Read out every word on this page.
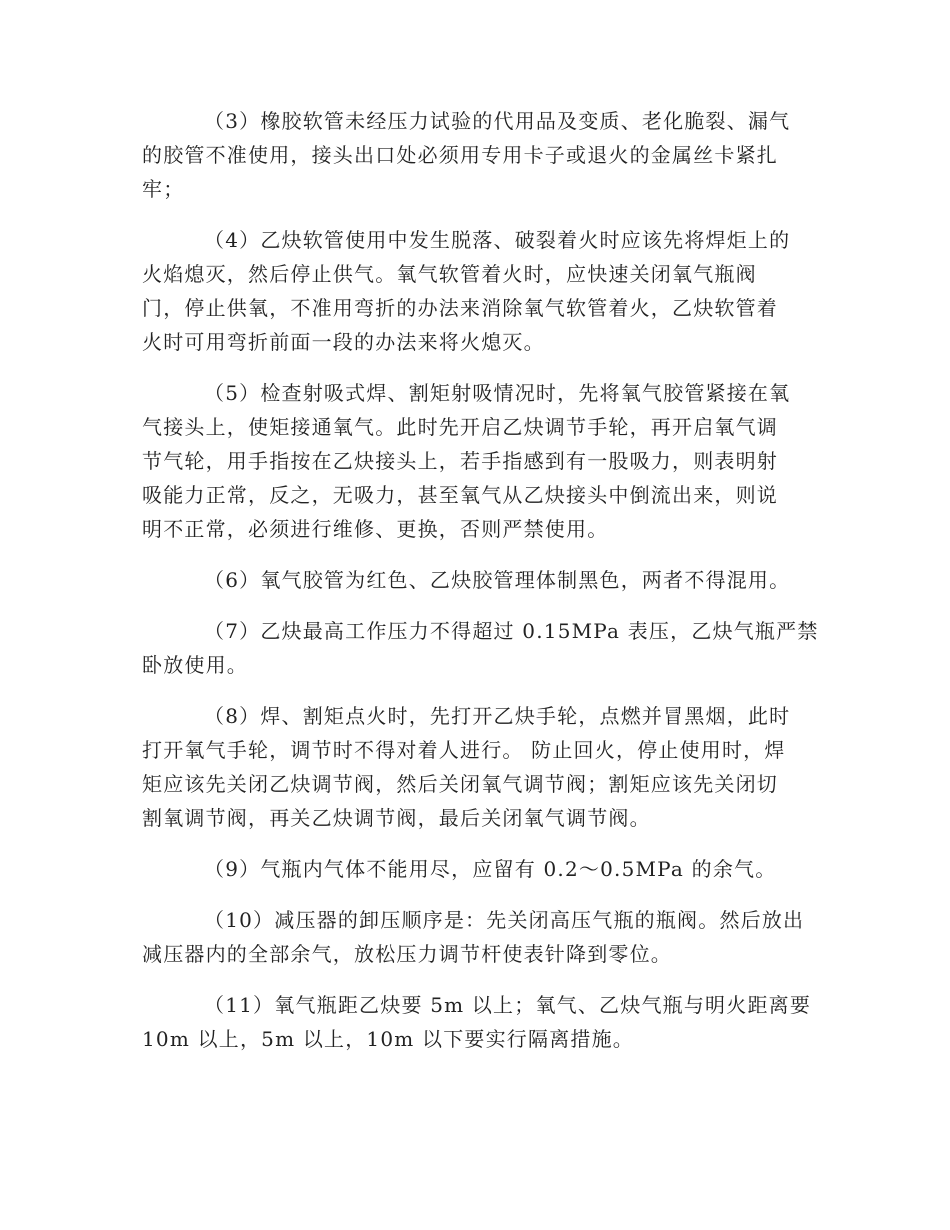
（3）橡胶软管未经压力试验的代用品及变质、老化脆裂、漏气
的胶管不准使用，接头出口处必须用专用卡子或退火的金属丝卡紧扎
牢；
（4）乙炔软管使用中发生脱落、破裂着火时应该先将焊炬上的
火焰熄灭，然后停止供气。氧气软管着火时，应快速关闭氧气瓶阀
门，停止供氧，不准用弯折的办法来消除氧气软管着火，乙炔软管着
火时可用弯折前面一段的办法来将火熄灭。
（5）检查射吸式焊、割矩射吸情况时，先将氧气胶管紧接在氧
气接头上，使矩接通氧气。此时先开启乙炔调节手轮，再开启氧气调
节气轮，用手指按在乙炔接头上，若手指感到有一股吸力，则表明射
吸能力正常，反之，无吸力，甚至氧气从乙炔接头中倒流出来，则说
明不正常，必须进行维修、更换，否则严禁使用。
（6）氧气胶管为红色、乙炔胶管理体制黑色，两者不得混用。
（7）乙炔最高工作压力不得超过 0.15MPa 表压，乙炔气瓶严禁
卧放使用。
（8）焊、割矩点火时，先打开乙炔手轮，点燃并冒黑烟，此时
打开氧气手轮，调节时不得对着人进行。 防止回火，停止使用时，焊
矩应该先关闭乙炔调节阀，然后关闭氧气调节阀；割矩应该先关闭切
割氧调节阀，再关乙炔调节阀，最后关闭氧气调节阀。
（9）气瓶内气体不能用尽，应留有 0.2～0.5MPa 的余气。
（10）减压器的卸压顺序是：先关闭高压气瓶的瓶阀。然后放出
减压器内的全部余气，放松压力调节杆使表针降到零位。
（11）氧气瓶距乙炔要 5m 以上；氧气、乙炔气瓶与明火距离要
10m 以上，5m 以上，10m 以下要实行隔离措施。
